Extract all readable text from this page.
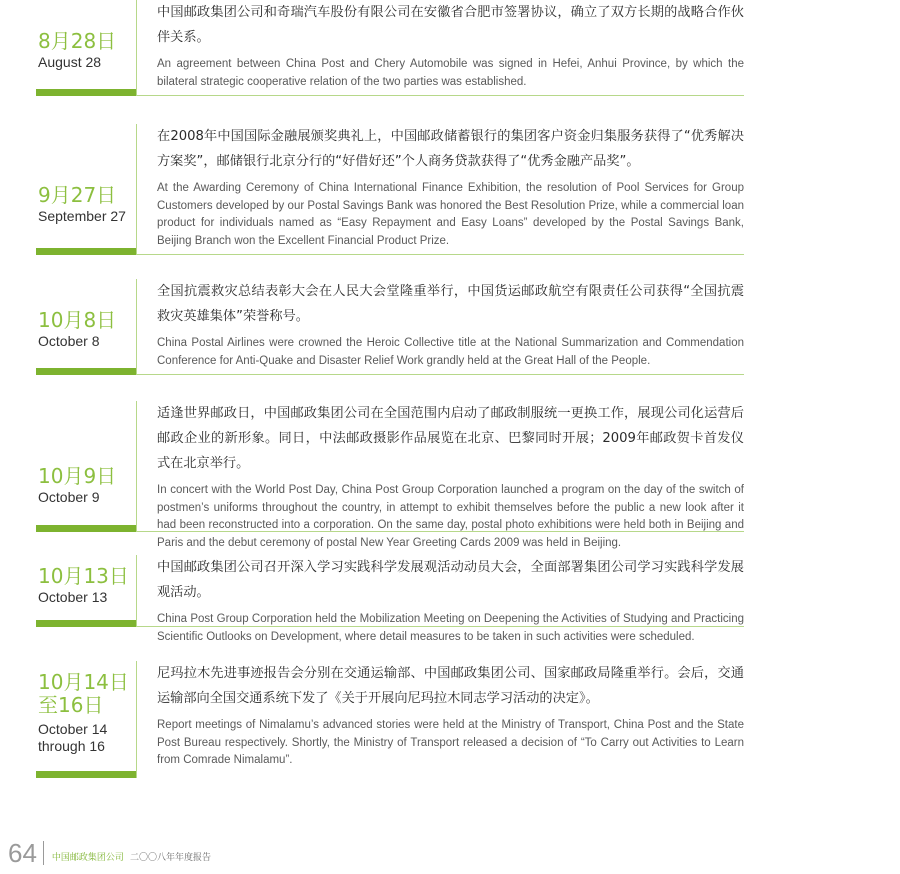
8月28日
August 28

中国邮政集团公司和奇瑞汽车股份有限公司在安徽省合肥市签署协议，确立了双方长期的战略合作伙伴关系。

An agreement between China Post and Chery Automobile was signed in Hefei, Anhui Province, by which the bilateral strategic cooperative relation of the two parties was established.

9月27日
September 27

在2008年中国国际金融展颁奖典礼上，中国邮政储蓄银行的集团客户资金归集服务获得了“优秀解决方案奖”，邮储银行北京分行的“好借好还”个人商务贷款获得了“优秀金融产品奖”。

At the Awarding Ceremony of China International Finance Exhibition, the resolution of Pool Services for Group Customers developed by our Postal Savings Bank was honored the Best Resolution Prize, while a commercial loan product for individuals named as “Easy Repayment and Easy Loans” developed by the Postal Savings Bank, Beijing Branch won the Excellent Financial Product Prize.

10月8日
October 8

全国抗震救灾总结表彰大会在人民大会堂隆重举行，中国货运邮政航空有限责任公司获得“全国抗震救灾英雄集体”荣誉称号。

China Postal Airlines were crowned the Heroic Collective title at the National Summarization and Commendation Conference for Anti-Quake and Disaster Relief Work grandly held at the Great Hall of the People.

10月9日
October 9

适逢世界邮政日，中国邮政集团公司在全国范围内启动了邮政制服统一更换工作，展现公司化运营后邮政企业的新形象。同日，中法邮政摄影作品展览在北京、巴黎同时开展；2009年邮政贺卡首发仪式在北京举行。

In concert with the World Post Day, China Post Group Corporation launched a program on the day of the switch of postmen’s uniforms throughout the country, in attempt to exhibit themselves before the public a new look after it had been reconstructed into a corporation. On the same day, postal photo exhibitions were held both in Beijing and Paris and the debut ceremony of postal New Year Greeting Cards 2009 was held in Beijing.

10月13日
October 13

中国邮政集团公司召开深入学习实践科学发展观活动动员大会，全面部署集团公司学习实践科学发展观活动。

China Post Group Corporation held the Mobilization Meeting on Deepening the Activities of Studying and Practicing Scientific Outlooks on Development, where detail measures to be taken in such activities were scheduled.

10月14日
至16日
October 14
through 16

尼玛拉木先进事迹报告会分别在交通运输部、中国邮政集团公司、国家邮政局隆重举行。会后，交通运输部向全国交通系统下发了《关于开展向尼玛拉木同志学习活动的决定》。

Report meetings of Nimalamu’s advanced stories were held at the Ministry of Transport, China Post and the State Post Bureau respectively. Shortly, the Ministry of Transport released a decision of “To Carry out Activities to Learn from Comrade Nimalamu”.

64 中国邮政集团公司 二〇〇八年年度报告
